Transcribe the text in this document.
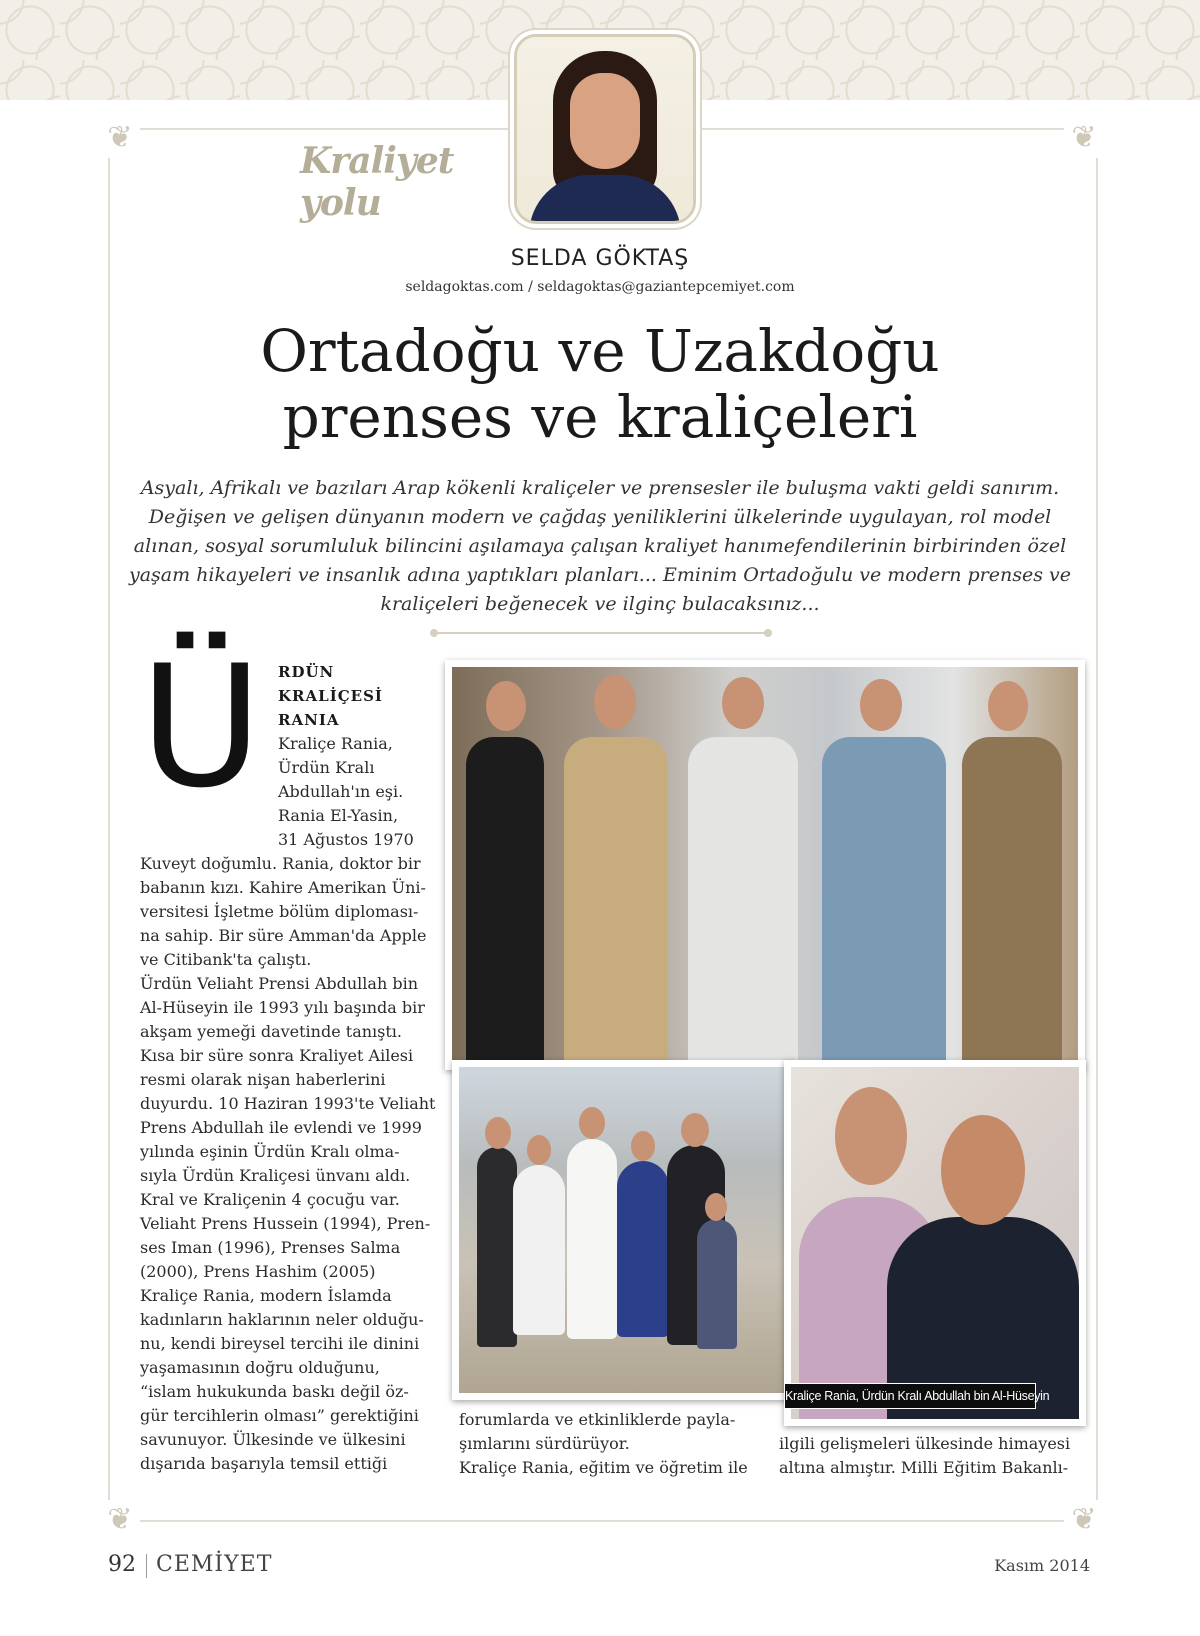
❦	❦
❦	❦
Kraliyet yolu
SELDA GÖKTAŞ
seldagoktas.com / seldagoktas@gaziantepcemiyet.com
Ortadoğu ve Uzakdoğu
prenses ve kraliçeleri
Asyalı, Afrikalı ve bazıları Arap kökenli kraliçeler ve prensesler ile buluşma vakti geldi sanırım. Değişen ve gelişen dünyanın modern ve çağdaş yeniliklerini ülkelerinde uygulayan, rol model alınan, sosyal sorumluluk bilincini aşılamaya çalışan kraliyet hanımefendilerinin birbirinden özel yaşam hikayeleri ve insanlık adına yaptıkları planları... Eminim Ortadoğulu ve modern prenses ve kraliçeleri beğenecek ve ilginç bulacaksınız...
Ü RDÜN
KRALİÇESİ
RANIA
Kraliçe Rania,
Ürdün Kralı
Abdullah'ın eşi.
Rania El-Yasin,
31 Ağustos 1970
Kuveyt doğumlu. Rania, doktor bir
babanın kızı. Kahire Amerikan Üni-
versitesi İşletme bölüm diploması-
na sahip. Bir süre Amman'da Apple
ve Citibank'ta çalıştı.
Ürdün Veliaht Prensi Abdullah bin
Al-Hüseyin ile 1993 yılı başında bir
akşam yemeği davetinde tanıştı.
Kısa bir süre sonra Kraliyet Ailesi
resmi olarak nişan haberlerini
duyurdu. 10 Haziran 1993'te Veliaht
Prens Abdullah ile evlendi ve 1999
yılında eşinin Ürdün Kralı olma-
sıyla Ürdün Kraliçesi ünvanı aldı.
Kral ve Kraliçenin 4 çocuğu var.
Veliaht Prens Hussein (1994), Pren-
ses Iman (1996), Prenses Salma
(2000), Prens Hashim (2005)
Kraliçe Rania, modern İslamda
kadınların haklarının neler olduğu-
nu, kendi bireysel tercihi ile dinini
yaşamasının doğru olduğunu,
“islam hukukunda baskı değil öz-
gür tercihlerin olması” gerektiğini
savunuyor. Ülkesinde ve ülkesini
dışarıda başarıyla temsil ettiği
Kraliçe Rania, Ürdün Kralı Abdullah bin Al-Hüseyin
forumlarda ve etkinliklerde payla-
şımlarını sürdürüyor.
Kraliçe Rania, eğitim ve öğretim ile
ilgili gelişmeleri ülkesinde himayesi
altına almıştır. Milli Eğitim Bakanlı-
92 CEMİYET	Kasım 2014
